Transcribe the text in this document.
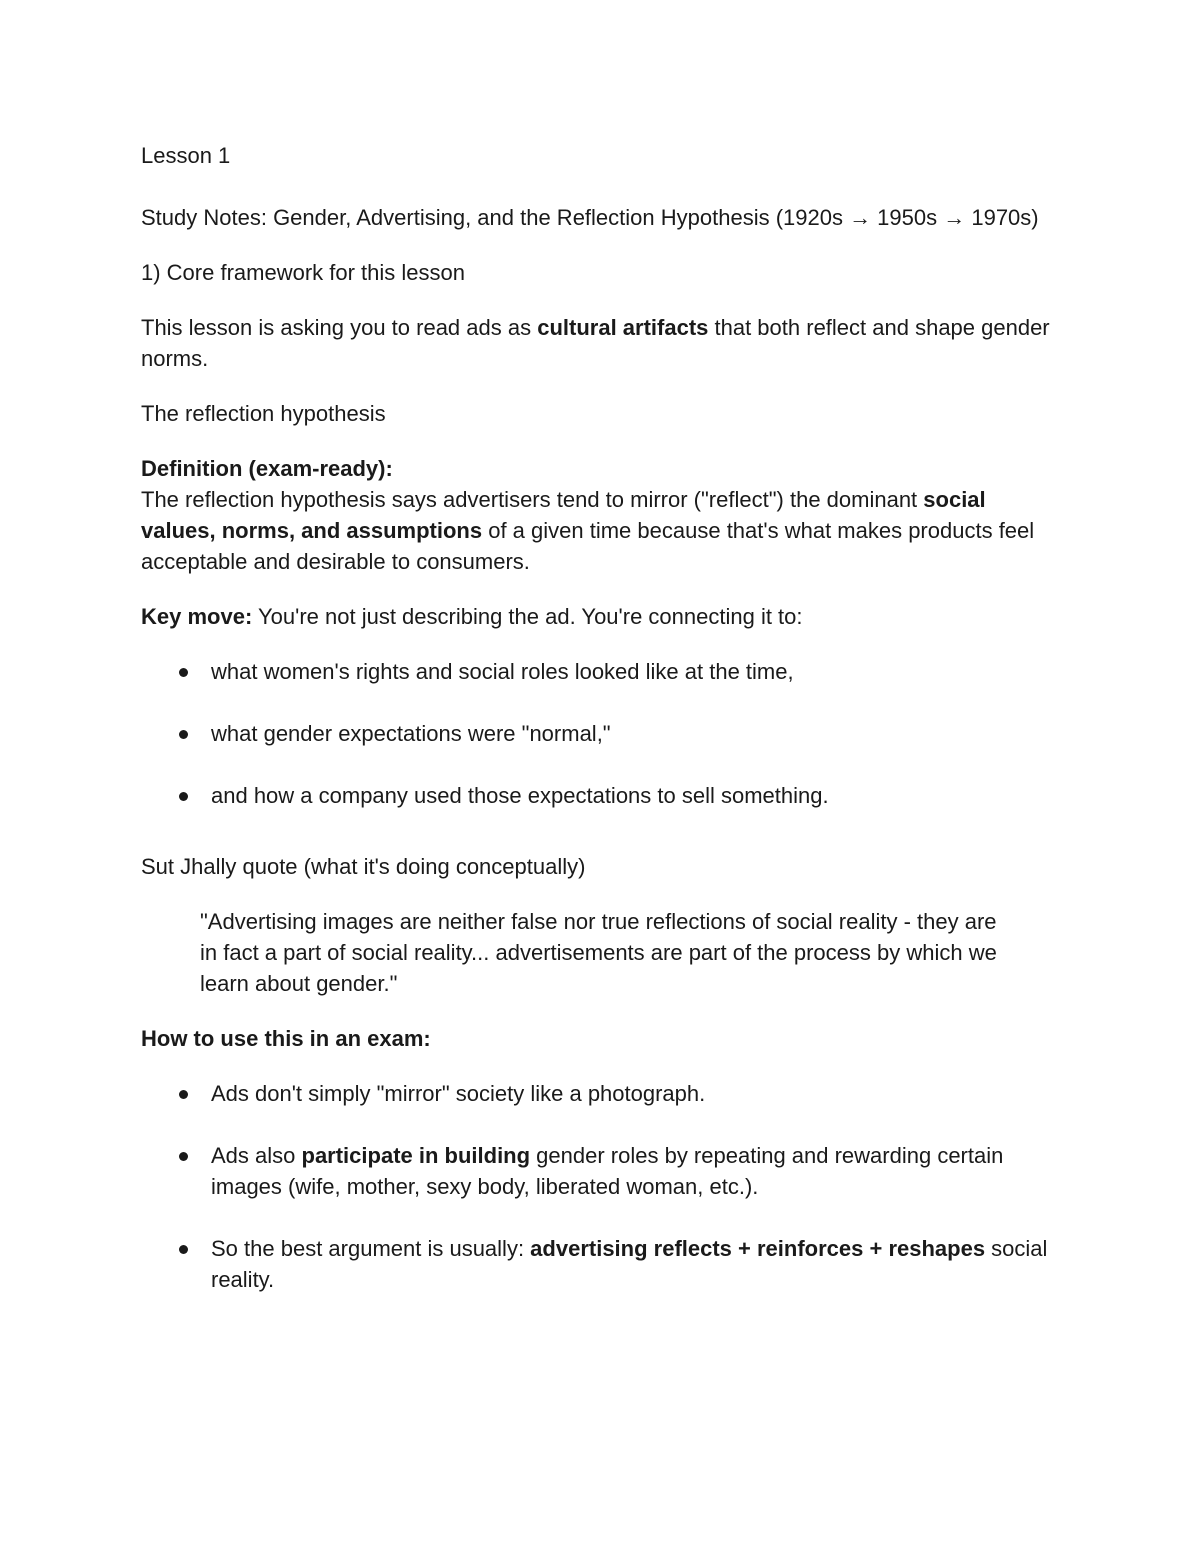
Lesson 1

Study Notes: Gender, Advertising, and the Reflection Hypothesis (1920s → 1950s → 1970s)

1) Core framework for this lesson

This lesson is asking you to read ads as cultural artifacts that both reflect and shape gender norms.

The reflection hypothesis

Definition (exam-ready):

The reflection hypothesis says advertisers tend to mirror ("reflect") the dominant social values, norms, and assumptions of a given time because that's what makes products feel acceptable and desirable to consumers.

Key move: You're not just describing the ad. You're connecting it to:

what women's rights and social roles looked like at the time,
what gender expectations were "normal,"
and how a company used those expectations to sell something.

Sut Jhally quote (what it's doing conceptually)

"Advertising images are neither false nor true reflections of social reality - they are in fact a part of social reality... advertisements are part of the process by which we learn about gender."

How to use this in an exam:

Ads don't simply "mirror" society like a photograph.
Ads also participate in building gender roles by repeating and rewarding certain images (wife, mother, sexy body, liberated woman, etc.).
So the best argument is usually: advertising reflects + reinforces + reshapes social reality.
